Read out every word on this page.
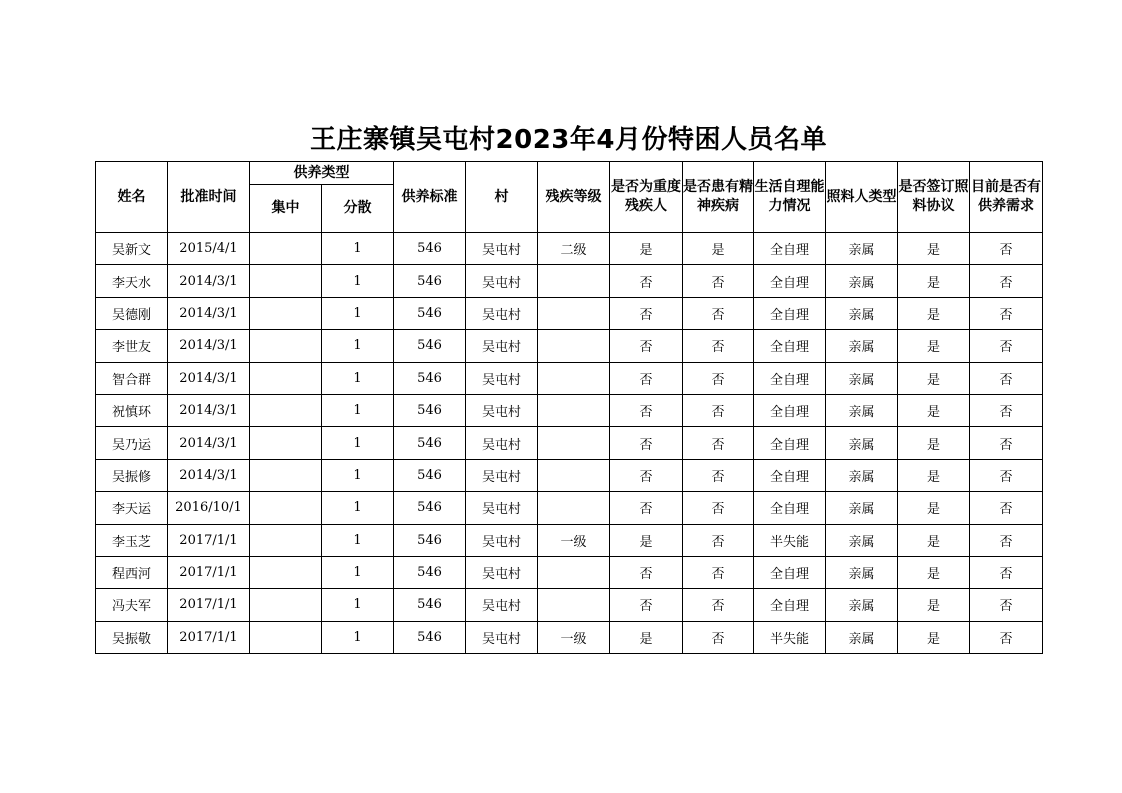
王庄寨镇吴屯村2023年4月份特困人员名单
姓名	批准时间	供养类型		供养标准	村	残疾等级	是否为重度残疾人	是否患有精神疾病	生活自理能力情况	照料人类型	是否签订照料协议	目前是否有供养需求
		集中	分散									
吴新文	2015/4/1		1	546	吴屯村	二级	是	是	全自理	亲属	是	否
李天水	2014/3/1		1	546	吴屯村		否	否	全自理	亲属	是	否
吴德刚	2014/3/1		1	546	吴屯村		否	否	全自理	亲属	是	否
李世友	2014/3/1		1	546	吴屯村		否	否	全自理	亲属	是	否
智合群	2014/3/1		1	546	吴屯村		否	否	全自理	亲属	是	否
祝慎环	2014/3/1		1	546	吴屯村		否	否	全自理	亲属	是	否
吴乃运	2014/3/1		1	546	吴屯村		否	否	全自理	亲属	是	否
吴振修	2014/3/1		1	546	吴屯村		否	否	全自理	亲属	是	否
李天运	2016/10/1		1	546	吴屯村		否	否	全自理	亲属	是	否
李玉芝	2017/1/1		1	546	吴屯村	一级	是	否	半失能	亲属	是	否
程西河	2017/1/1		1	546	吴屯村		否	否	全自理	亲属	是	否
冯夫军	2017/1/1		1	546	吴屯村		否	否	全自理	亲属	是	否
吴振敬	2017/1/1		1	546	吴屯村	一级	是	否	半失能	亲属	是	否
